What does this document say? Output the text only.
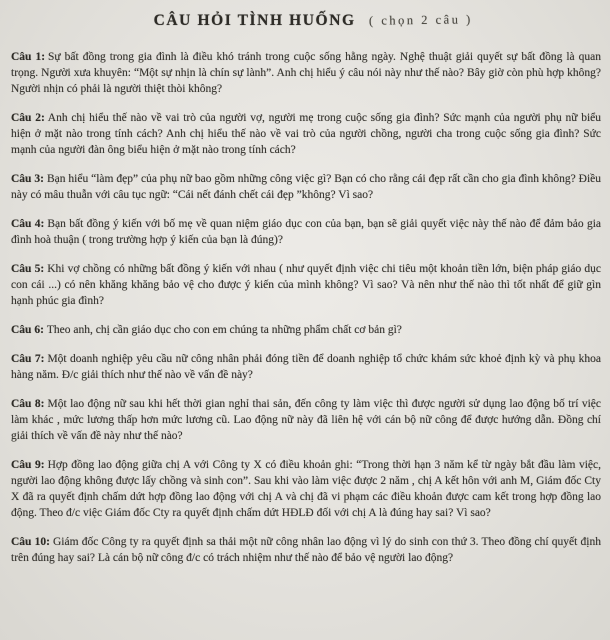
CÂU HỎI TÌNH HUỐNG ( chọn 2 câu )

Câu 1: Sự bất đồng trong gia đình là điều khó tránh trong cuộc sống hằng ngày. Nghệ thuật giải quyết sự bất đồng là quan trọng. Người xưa khuyên: “Một sự nhịn là chín sự lành”. Anh chị hiểu ý câu nói này như thế nào? Bây giờ còn phù hợp không? Người nhịn có phải là người thiệt thòi không?

Câu 2: Anh chị hiểu thế nào về vai trò của người vợ, người mẹ trong cuộc sống gia đình? Sức mạnh của người phụ nữ biểu hiện ở mặt nào trong tính cách? Anh chị hiểu thế nào về vai trò của người chồng, người cha trong cuộc sống gia đình? Sức mạnh của người đàn ông biểu hiện ở mặt nào trong tính cách?

Câu 3: Bạn hiểu “làm đẹp” của phụ nữ bao gồm những công việc gì? Bạn có cho rằng cái đẹp rất cần cho gia đình không? Điều này có mâu thuẫn với câu tục ngữ: “Cái nết đánh chết cái đẹp ”không? Vì sao?

Câu 4: Bạn bất đồng ý kiến với bố mẹ về quan niệm giáo dục con của bạn, bạn sẽ giải quyết việc này thế nào để đảm bảo gia đình hoà thuận ( trong trường hợp ý kiến của bạn là đúng)?

Câu 5: Khi vợ chồng có những bất đồng ý kiến với nhau ( như quyết định việc chi tiêu một khoản tiền lớn, biện pháp giáo dục con cái ...) có nên khăng khăng bảo vệ cho được ý kiến của mình không? Vì sao? Và nên như thế nào thì tốt nhất để giữ gìn hạnh phúc gia đình?

Câu 6: Theo anh, chị cần giáo dục cho con em chúng ta những phẩm chất cơ bản gì?

Câu 7: Một doanh nghiệp yêu cầu nữ công nhân phải đóng tiền để doanh nghiệp tổ chức khám sức khoẻ định kỳ và phụ khoa hàng năm. Đ/c giải thích như thế nào về vấn đề này?

Câu 8: Một lao động nữ sau khi hết thời gian nghỉ thai sản, đến công ty làm việc thì được người sử dụng lao động bố trí việc làm khác , mức lương thấp hơn mức lương cũ. Lao động nữ này đã liên hệ với cán bộ nữ công để được hướng dẫn. Đồng chí giải thích về vấn đề này như thế nào?

Câu 9: Hợp đồng lao động giữa chị A với Công ty X có điều khoản ghi: “Trong thời hạn 3 năm kể từ ngày bắt đầu làm việc, người lao động không được lấy chồng và sinh con”. Sau khi vào làm việc được 2 năm , chị A kết hôn với anh M, Giám đốc Cty X đã ra quyết định chấm dứt hợp đồng lao động với chị A và chị đã vi phạm các điều khoản được cam kết trong hợp đồng lao động. Theo đ/c việc Giám đốc Cty ra quyết định chấm dứt HĐLĐ đối với chị A là đúng hay sai? Vì sao?

Câu 10: Giám đốc Công ty ra quyết định sa thải một nữ công nhân lao động vì lý do sinh con thứ 3. Theo đồng chí quyết định trên đúng hay sai? Là cán bộ nữ công đ/c có trách nhiệm như thế nào để bảo vệ người lao động?
